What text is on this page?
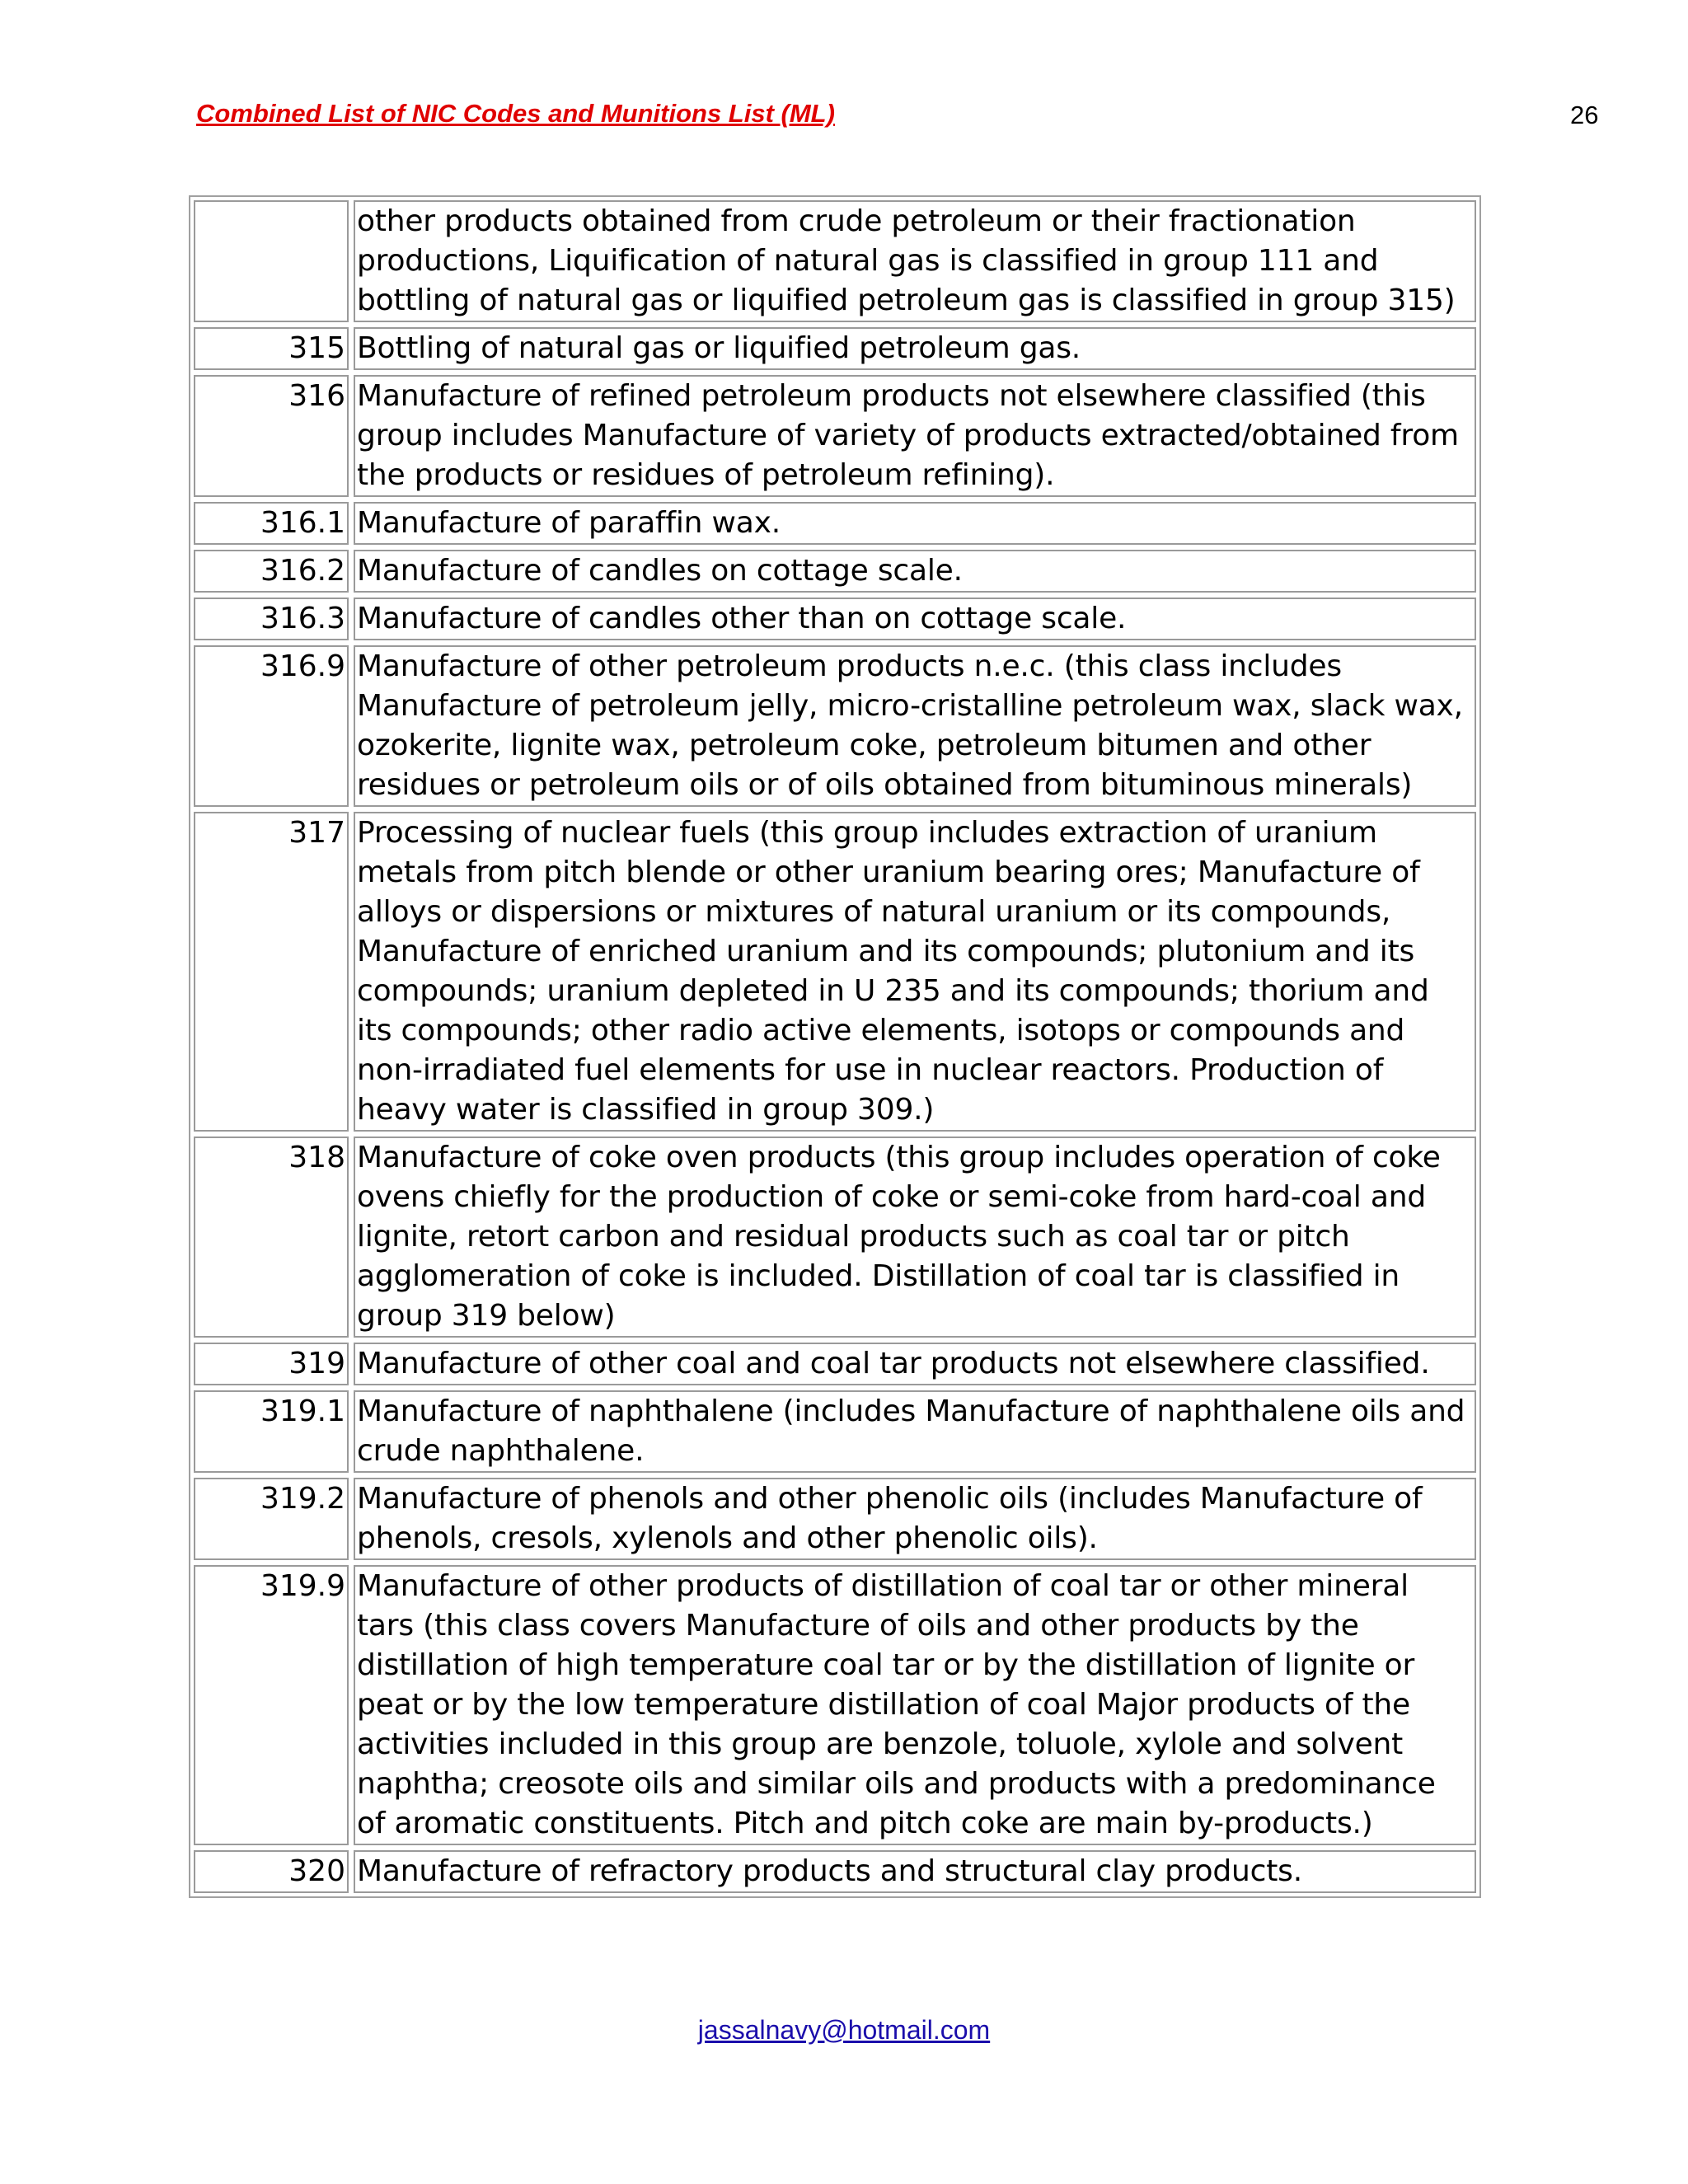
Combined List of NIC Codes and Munitions List (ML)	26
	other products obtained from crude petroleum or their fractionation productions, Liquification of natural gas is classified in group 111 and bottling of natural gas or liquified petroleum gas is classified in group 315)
315	Bottling of natural gas or liquified petroleum gas.
316	Manufacture of refined petroleum products not elsewhere classified (this group includes Manufacture of variety of products extracted/obtained from the products or residues of petroleum refining).
316.1	Manufacture of paraffin wax.
316.2	Manufacture of candles on cottage scale.
316.3	Manufacture of candles other than on cottage scale.
316.9	Manufacture of other petroleum products n.e.c. (this class includes Manufacture of petroleum jelly, micro-cristalline petroleum wax, slack wax, ozokerite, lignite wax, petroleum coke, petroleum bitumen and other residues or petroleum oils or of oils obtained from bituminous minerals)
317	Processing of nuclear fuels (this group includes extraction of uranium metals from pitch blende or other uranium bearing ores; Manufacture of alloys or dispersions or mixtures of natural uranium or its compounds, Manufacture of enriched uranium and its compounds; plutonium and its compounds; uranium depleted in U 235 and its compounds; thorium and its compounds; other radio active elements, isotops or compounds and non-irradiated fuel elements for use in nuclear reactors. Production of heavy water is classified in group 309.)
318	Manufacture of coke oven products (this group includes operation of coke ovens chiefly for the production of coke or semi-coke from hard-coal and lignite, retort carbon and residual products such as coal tar or pitch agglomeration of coke is included. Distillation of coal tar is classified in group 319 below)
319	Manufacture of other coal and coal tar products not elsewhere classified.
319.1	Manufacture of naphthalene (includes Manufacture of naphthalene oils and crude naphthalene.
319.2	Manufacture of phenols and other phenolic oils (includes Manufacture of phenols, cresols, xylenols and other phenolic oils).
319.9	Manufacture of other products of distillation of coal tar or other mineral tars (this class covers Manufacture of oils and other products by the distillation of high temperature coal tar or by the distillation of lignite or peat or by the low temperature distillation of coal Major products of the activities included in this group are benzole, toluole, xylole and solvent naphtha; creosote oils and similar oils and products with a predominance of aromatic constituents. Pitch and pitch coke are main by-products.)
320	Manufacture of refractory products and structural clay products.
jassalnavy@hotmail.com
